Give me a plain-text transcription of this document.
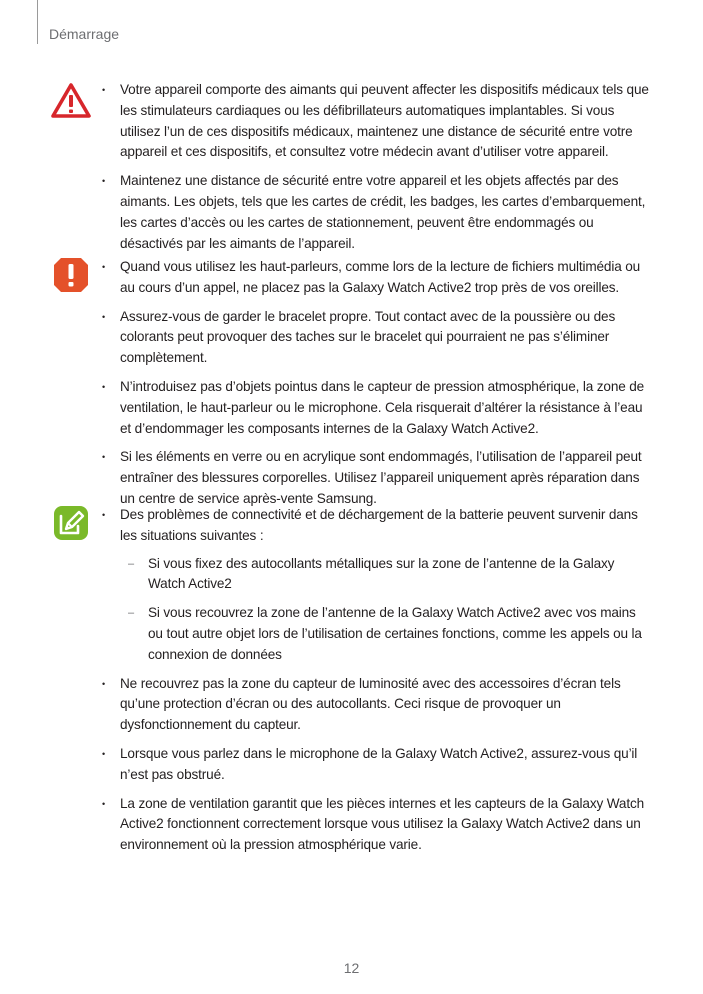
Démarrage
• Votre appareil comporte des aimants qui peuvent affecter les dispositifs médicaux tels que les stimulateurs cardiaques ou les défibrillateurs automatiques implantables. Si vous utilisez l’un de ces dispositifs médicaux, maintenez une distance de sécurité entre votre appareil et ces dispositifs, et consultez votre médecin avant d’utiliser votre appareil.
• Maintenez une distance de sécurité entre votre appareil et les objets affectés par des aimants. Les objets, tels que les cartes de crédit, les badges, les cartes d’embarquement, les cartes d’accès ou les cartes de stationnement, peuvent être endommagés ou désactivés par les aimants de l’appareil.
• Quand vous utilisez les haut-parleurs, comme lors de la lecture de fichiers multimédia ou au cours d’un appel, ne placez pas la Galaxy Watch Active2 trop près de vos oreilles.
• Assurez-vous de garder le bracelet propre. Tout contact avec de la poussière ou des colorants peut provoquer des taches sur le bracelet qui pourraient ne pas s’éliminer complètement.
• N’introduisez pas d’objets pointus dans le capteur de pression atmosphérique, la zone de ventilation, le haut-parleur ou le microphone. Cela risquerait d’altérer la résistance à l’eau et d’endommager les composants internes de la Galaxy Watch Active2.
• Si les éléments en verre ou en acrylique sont endommagés, l’utilisation de l’appareil peut entraîner des blessures corporelles. Utilisez l’appareil uniquement après réparation dans un centre de service après-vente Samsung.
• Des problèmes de connectivité et de déchargement de la batterie peuvent survenir dans les situations suivantes :
– Si vous fixez des autocollants métalliques sur la zone de l’antenne de la Galaxy Watch Active2
– Si vous recouvrez la zone de l’antenne de la Galaxy Watch Active2 avec vos mains ou tout autre objet lors de l’utilisation de certaines fonctions, comme les appels ou la connexion de données
• Ne recouvrez pas la zone du capteur de luminosité avec des accessoires d’écran tels qu’une protection d’écran ou des autocollants. Ceci risque de provoquer un dysfonctionnement du capteur.
• Lorsque vous parlez dans le microphone de la Galaxy Watch Active2, assurez-vous qu’il n’est pas obstrué.
• La zone de ventilation garantit que les pièces internes et les capteurs de la Galaxy Watch Active2 fonctionnent correctement lorsque vous utilisez la Galaxy Watch Active2 dans un environnement où la pression atmosphérique varie.
12
